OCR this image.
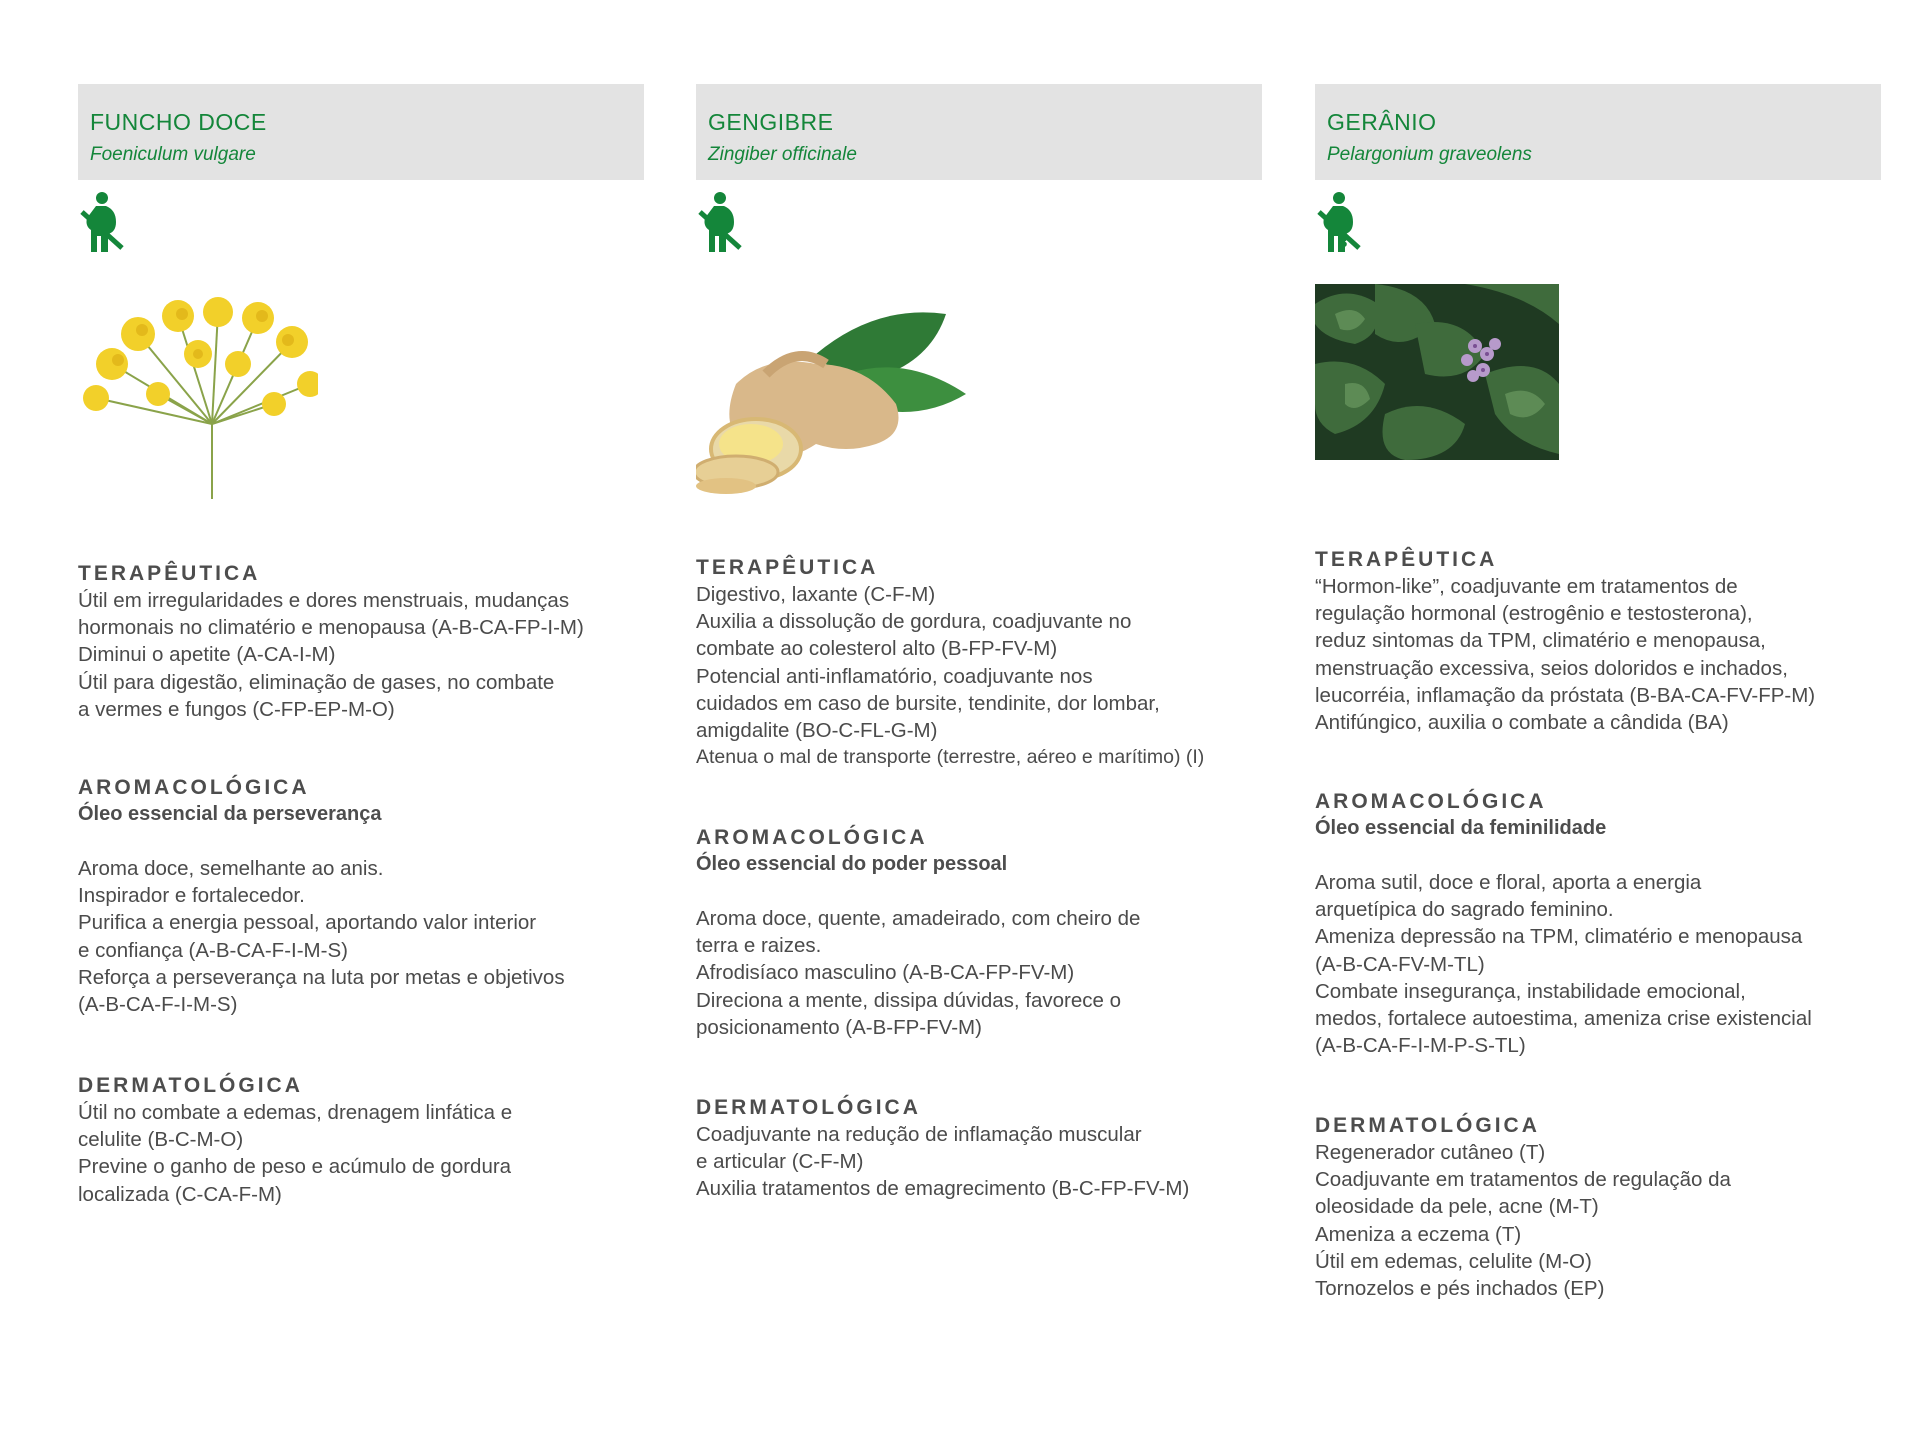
FUNCHO DOCE
Foeniculum vulgare
TERAPÊUTICA
Útil em irregularidades e dores menstruais, mudanças
hormonais no climatério e menopausa (A-B-CA-FP-I-M)
Diminui o apetite (A-CA-I-M)
Útil para digestão, eliminação de gases, no combate
a vermes e fungos (C-FP-EP-M-O)
AROMACOLÓGICA
Óleo essencial da perseverança
Aroma doce, semelhante ao anis.
Inspirador e fortalecedor.
Purifica a energia pessoal, aportando valor interior
e confiança (A-B-CA-F-I-M-S)
Reforça a perseverança na luta por metas e objetivos
(A-B-CA-F-I-M-S)
DERMATOLÓGICA
Útil no combate a edemas, drenagem linfática e
celulite (B-C-M-O)
Previne o ganho de peso e acúmulo de gordura
localizada (C-CA-F-M)
GENGIBRE
Zingiber officinale
TERAPÊUTICA
Digestivo, laxante (C-F-M)
Auxilia a dissolução de gordura, coadjuvante no
combate ao colesterol alto (B-FP-FV-M)
Potencial anti-inflamatório, coadjuvante nos
cuidados em caso de bursite, tendinite, dor lombar,
amigdalite (BO-C-FL-G-M)
Atenua o mal de transporte (terrestre, aéreo e marítimo) (I)
AROMACOLÓGICA
Óleo essencial do poder pessoal
Aroma doce, quente, amadeirado, com cheiro de
terra e raizes.
Afrodisíaco masculino (A-B-CA-FP-FV-M)
Direciona a mente, dissipa dúvidas, favorece o
posicionamento (A-B-FP-FV-M)
DERMATOLÓGICA
Coadjuvante na redução de inflamação muscular
e articular (C-F-M)
Auxilia tratamentos de emagrecimento (B-C-FP-FV-M)
GERÂNIO
Pelargonium graveolens
3
TERAPÊUTICA
“Hormon-like”, coadjuvante em tratamentos de
regulação hormonal (estrogênio e testosterona),
reduz sintomas da TPM, climatério e menopausa,
menstruação excessiva, seios doloridos e inchados,
leucorréia, inflamação da próstata (B-BA-CA-FV-FP-M)
Antifúngico, auxilia o combate a cândida (BA)
AROMACOLÓGICA
Óleo essencial da feminilidade
Aroma sutil, doce e floral, aporta a energia
arquetípica do sagrado feminino.
Ameniza depressão na TPM, climatério e menopausa
(A-B-CA-FV-M-TL)
Combate insegurança, instabilidade emocional,
medos, fortalece autoestima, ameniza crise existencial
(A-B-CA-F-I-M-P-S-TL)
DERMATOLÓGICA
Regenerador cutâneo (T)
Coadjuvante em tratamentos de regulação da
oleosidade da pele, acne (M-T)
Ameniza a eczema (T)
Útil em edemas, celulite (M-O)
Tornozelos e pés inchados (EP)
